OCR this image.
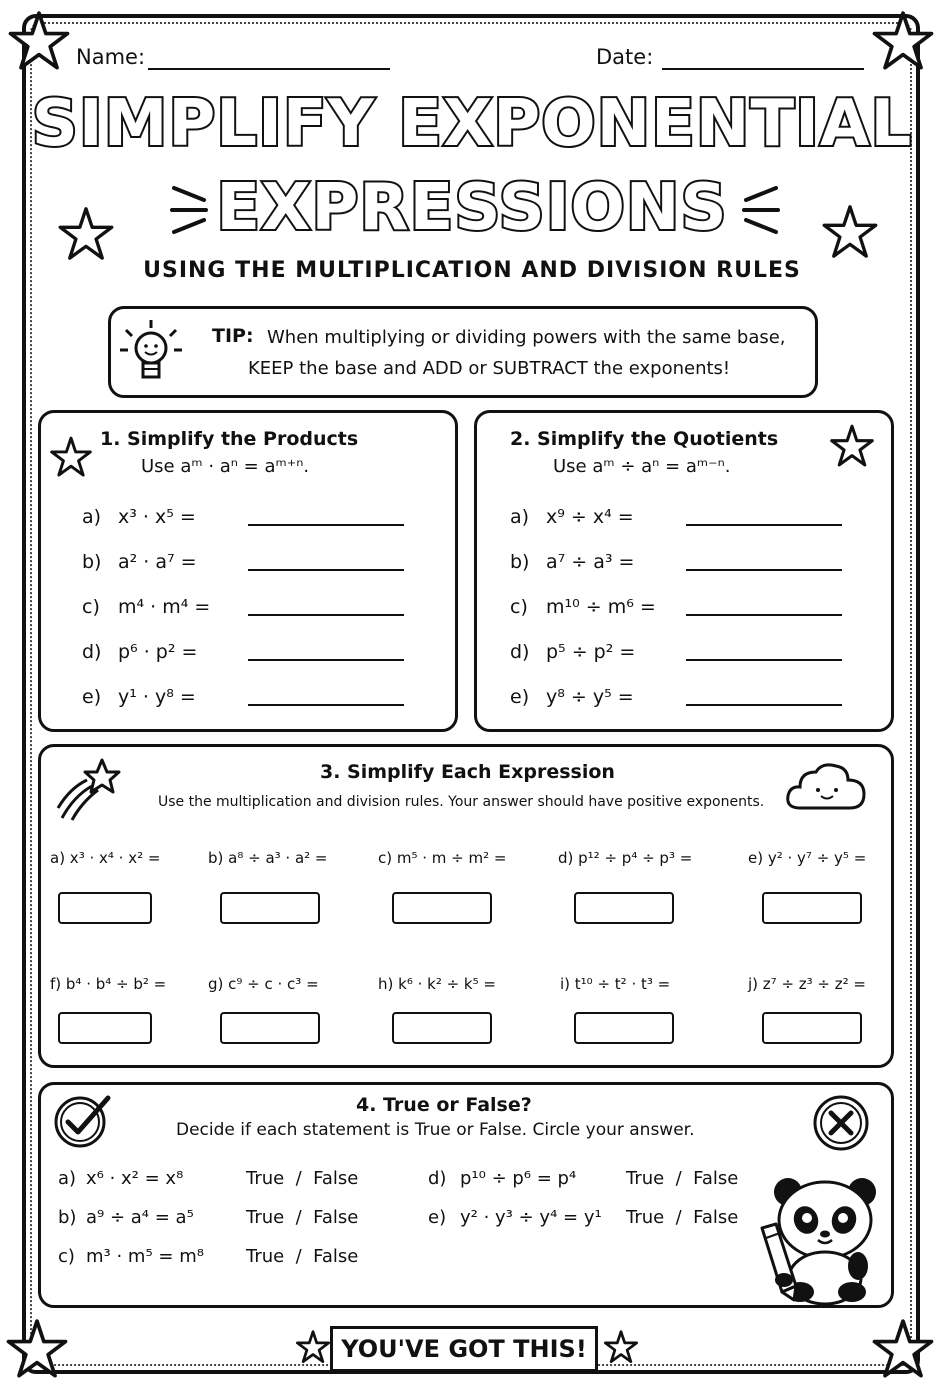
Name:	Date:
SIMPLIFY EXPONENTIAL
EXPRESSIONS
USING THE MULTIPLICATION AND DIVISION RULES
TIP: When multiplying or dividing powers with the same base,
KEEP the base and ADD or SUBTRACT the exponents!
1. Simplify the Products
Use aᵐ · aⁿ = aᵐ⁺ⁿ.
a) x³ · x⁵ =
b) a² · a⁷ =
c) m⁴ · m⁴ =
d) p⁶ · p² =
e) y¹ · y⁸ =
2. Simplify the Quotients
Use aᵐ ÷ aⁿ = aᵐ⁻ⁿ.
a) x⁹ ÷ x⁴ =
b) a⁷ ÷ a³ =
c) m¹⁰ ÷ m⁶ =
d) p⁵ ÷ p² =
e) y⁸ ÷ y⁵ =
3. Simplify Each Expression
Use the multiplication and division rules. Your answer should have positive exponents.
a) x³ · x⁴ · x² =	b) a⁸ ÷ a³ · a² =	c) m⁵ · m ÷ m² =	d) p¹² ÷ p⁴ ÷ p³ =	e) y² · y⁷ ÷ y⁵ =
f) b⁴ · b⁴ ÷ b² =	g) c⁹ ÷ c · c³ =	h) k⁶ · k² ÷ k⁵ =	i) t¹⁰ ÷ t² · t³ =	j) z⁷ ÷ z³ ÷ z² =
4. True or False?
Decide if each statement is True or False. Circle your answer.
a) x⁶ · x² = x⁸	True  /  False
b) a⁹ ÷ a⁴ = a⁵	True  /  False
c) m³ · m⁵ = m⁸ True  /  False
d) p¹⁰ ÷ p⁶ = p⁴	True  /  False
e) y² · y³ ÷ y⁴ = y¹ True  /  False
YOU'VE GOT THIS!
